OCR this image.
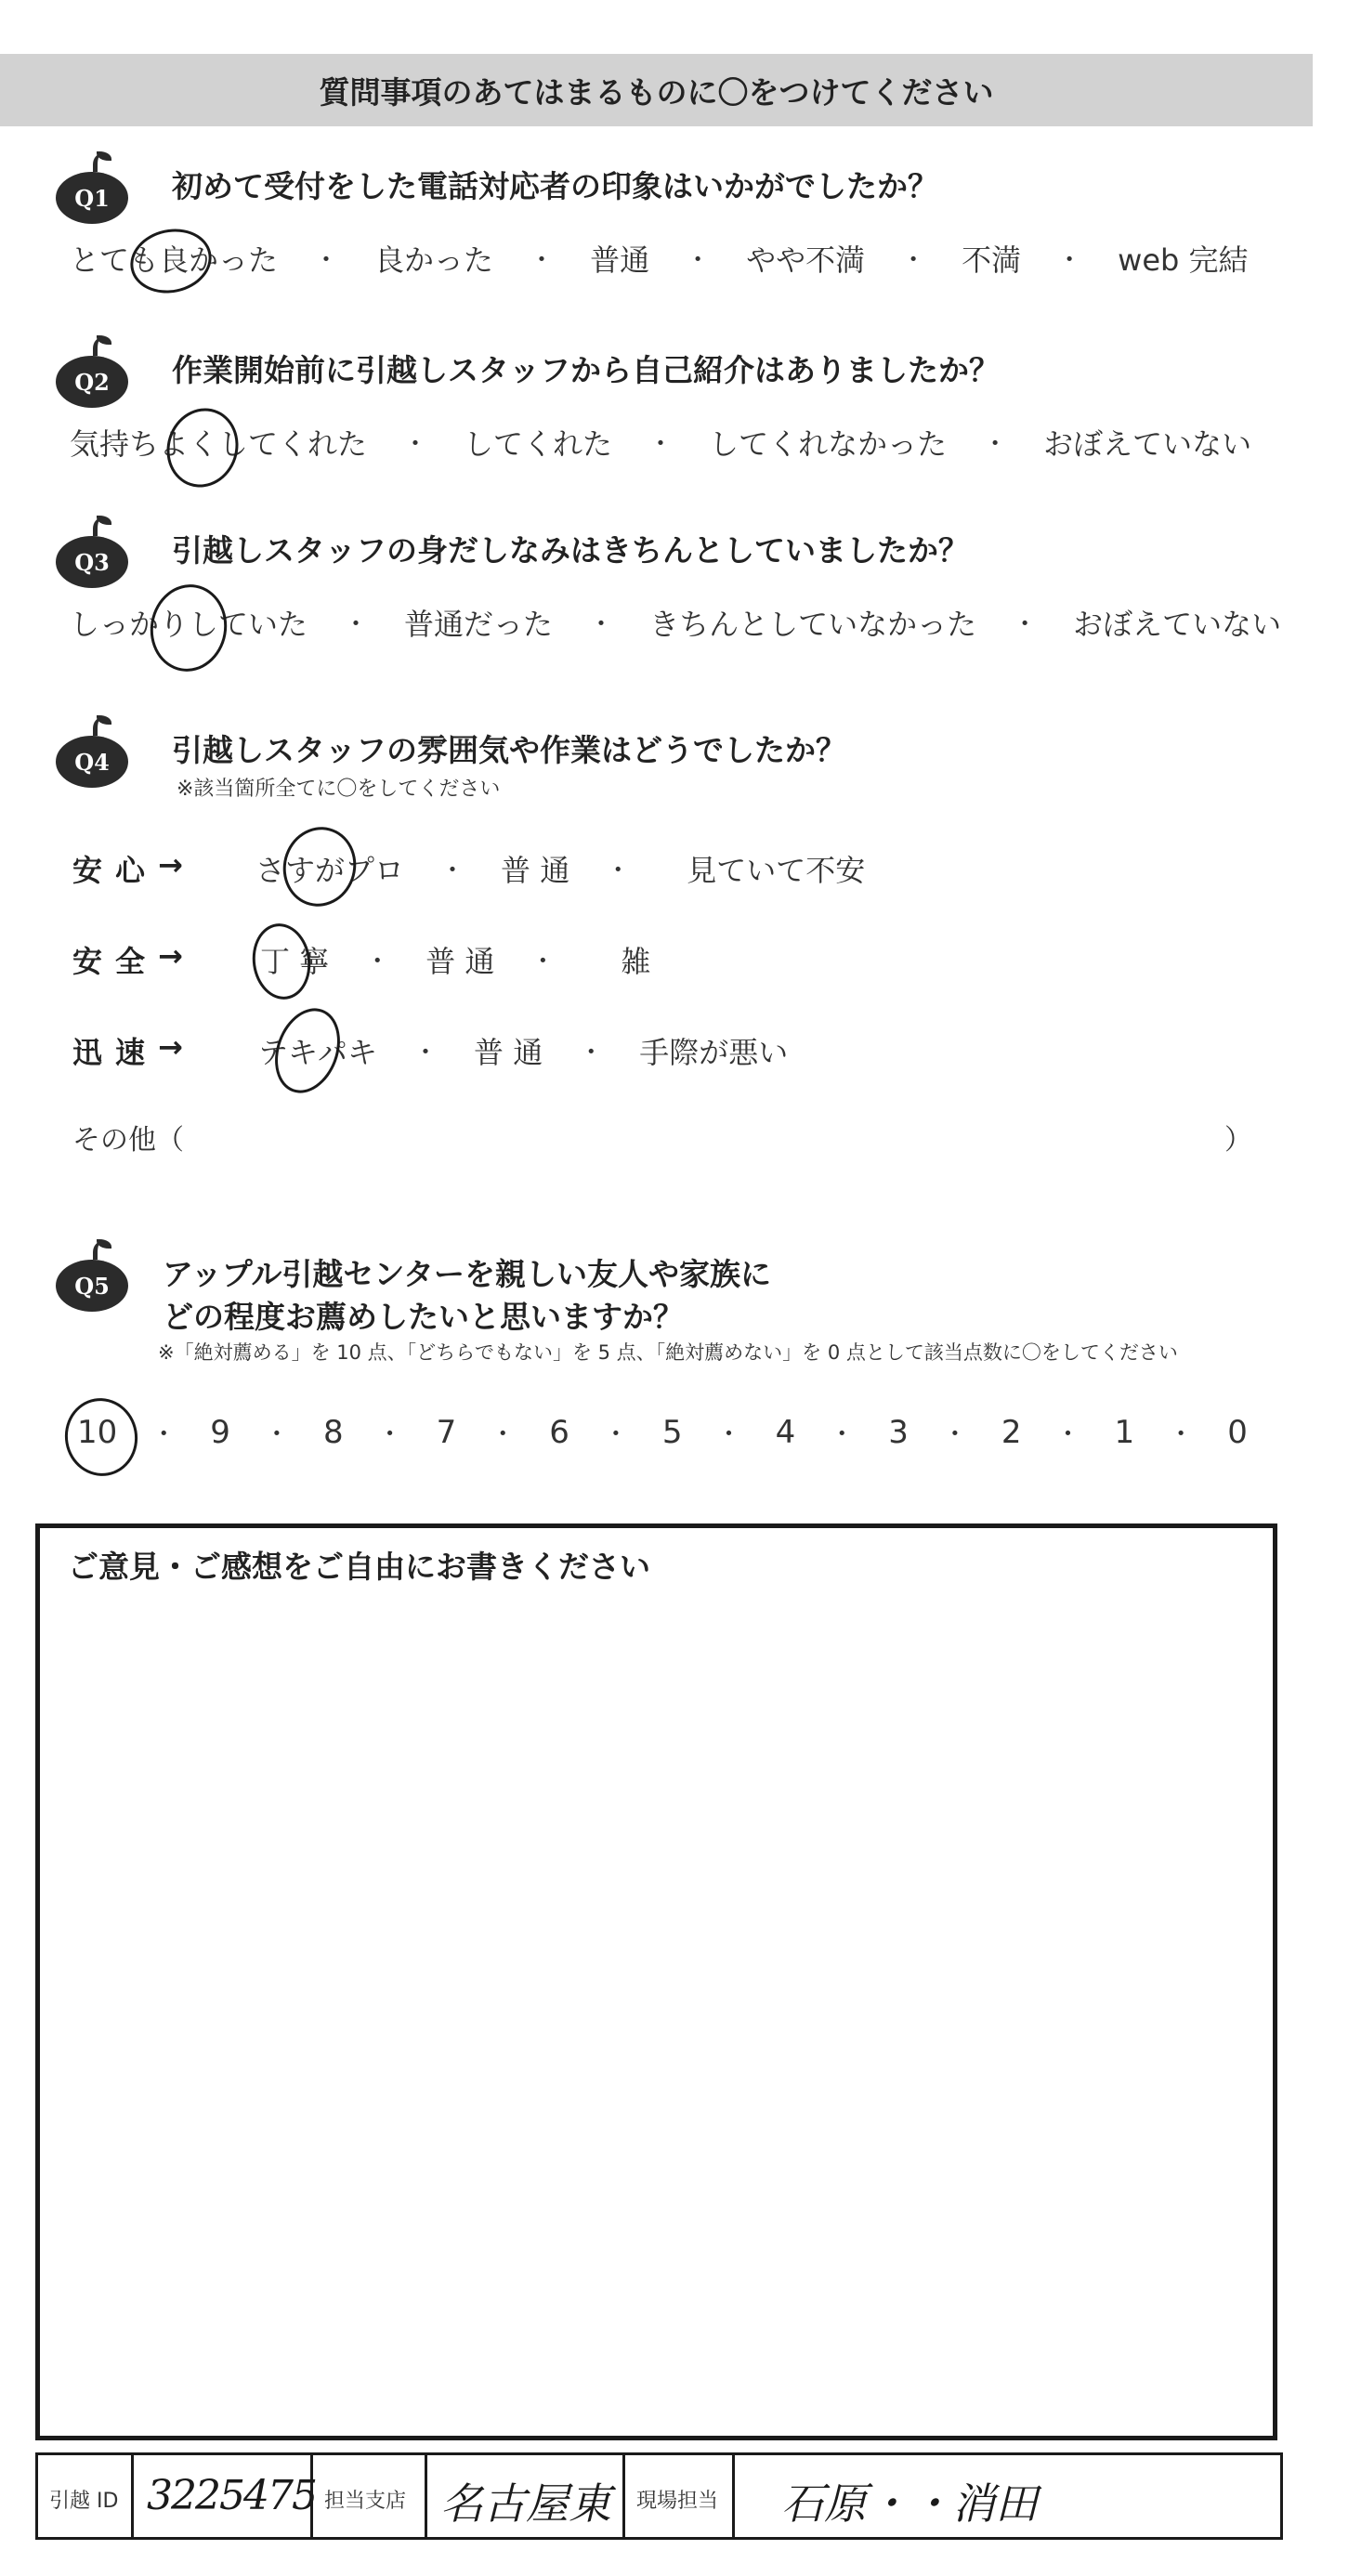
質問事項のあてはまるものに〇をつけてください
Q1 初めて受付をした電話対応者の印象はいかがでしたか？
とても良かった ・ 良かった ・ 普通 ・ やや不満 ・ 不満 ・ web 完結
Q2 作業開始前に引越しスタッフから自己紹介はありましたか？
気持ちよくしてくれた ・ してくれた ・ してくれなかった ・ おぼえていない
Q3 引越しスタッフの身だしなみはきちんとしていましたか？
しっかりしていた ・ 普通だった ・ きちんとしていなかった ・ おぼえていない
Q4 引越しスタッフの雰囲気や作業はどうでしたか？
※該当箇所全てに〇をしてください
安心 → さすがプロ ・ 普 通 ・ 見ていて不安
安全 →	丁 寧 ・ 普 通 ・ 雑
迅速 →	テキパキ ・ 普 通 ・ 手際が悪い
その他（	）
Q5 アップル引越センターを親しい友人や家族に
どの程度お薦めしたいと思いますか？
※「絶対薦める」を 10 点、「どちらでもない」を 5 点、「絶対薦めない」を 0 点として該当点数に〇をしてください
10 ・ 9 ・ 8 ・ 7 ・ 6 ・ 5 ・ 4 ・ 3 ・ 2 ・ 1 ・ 0
ご意見・ご感想をご自由にお書きください
引越 ID 3225475 担当支店 名古屋東 現場担当 石原・・消田
